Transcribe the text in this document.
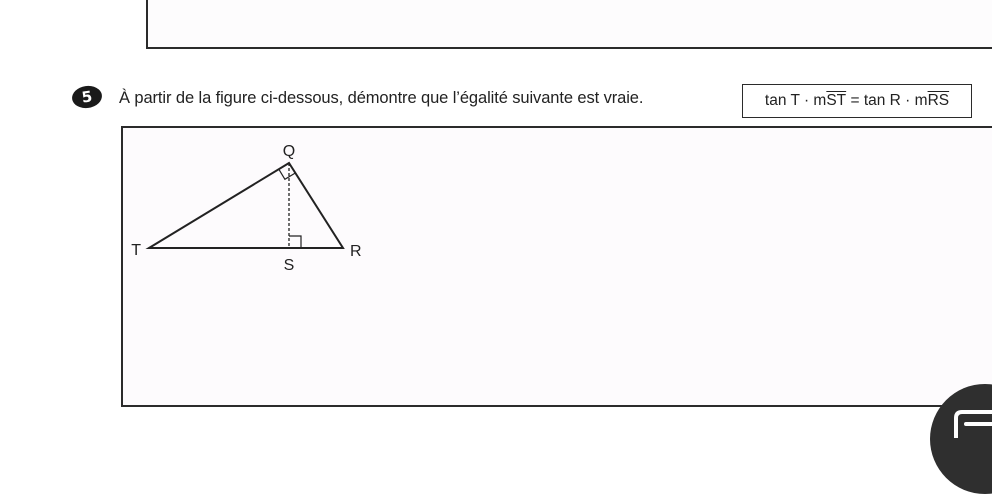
5 À partir de la figure ci-dessous, démontre que l’égalité suivante est vraie.	tan T · m $\overline{ST} = \tan R \cdot m$ $\overline{RS}$
Q
T	R
S
